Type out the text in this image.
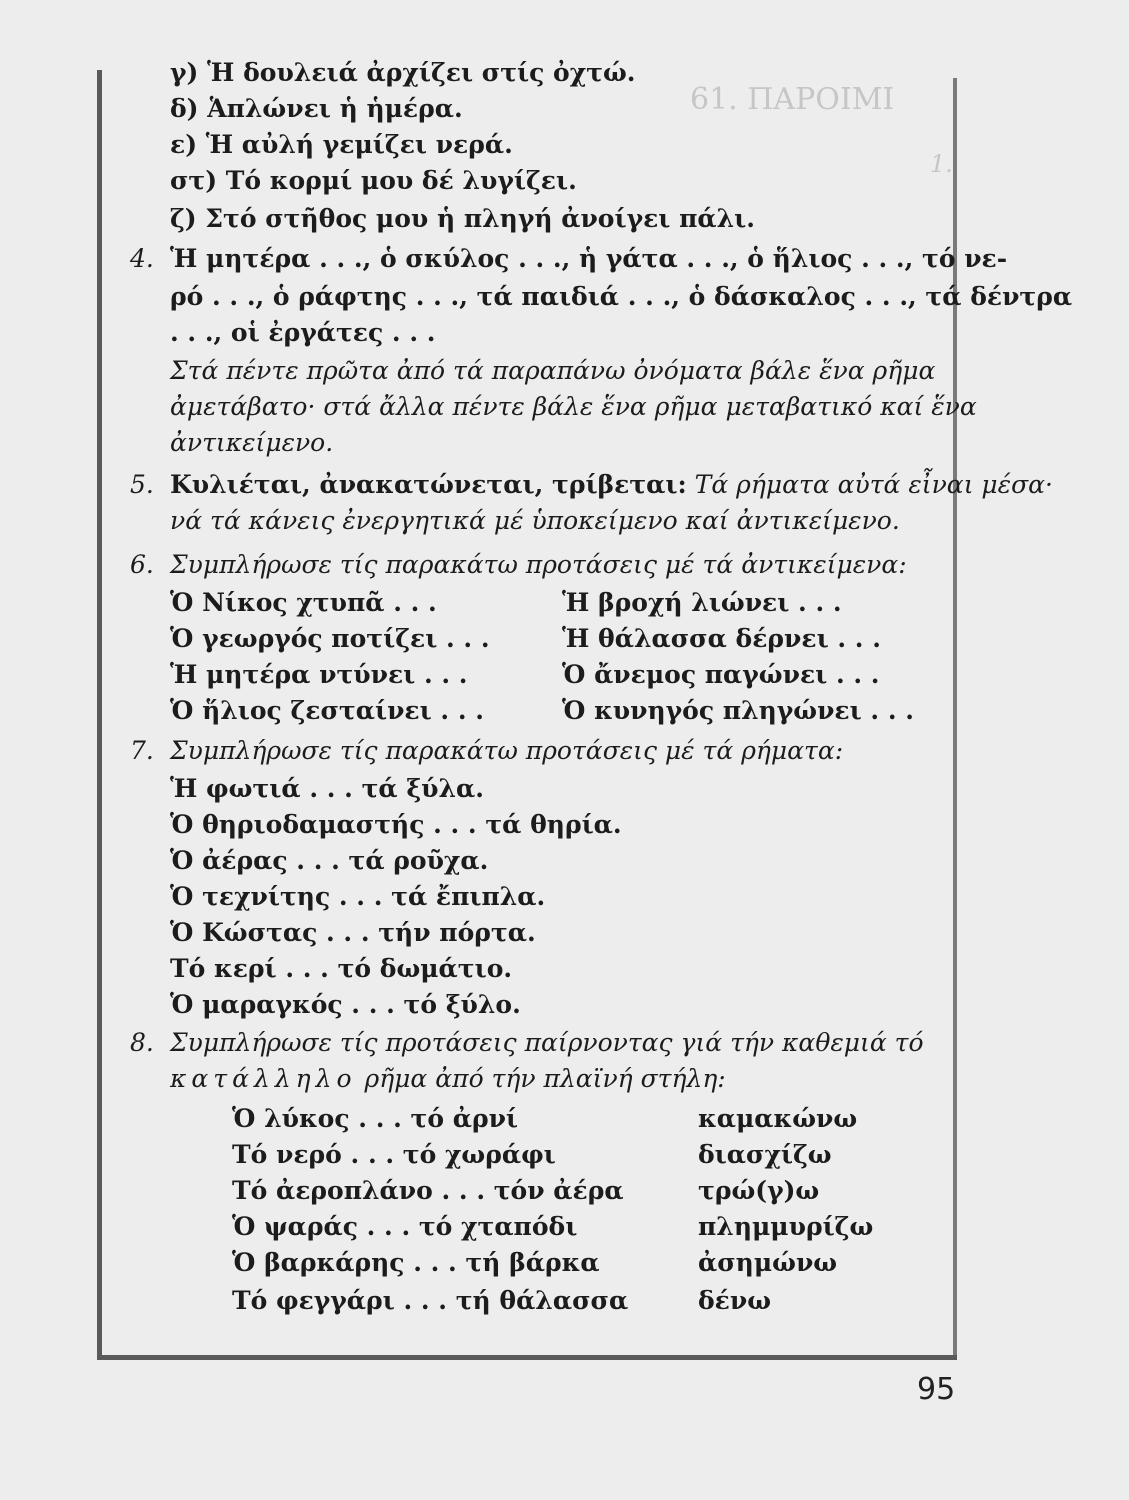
61. ΠΑΡΟΙΜΙ
1.
γ) Ἡ δουλειά ἀρχίζει στίς ὀχτώ.
δ) Ἁπλώνει ἡ ἡμέρα.
ε) Ἡ αὐλή γεμίζει νερά.
στ) Τό κορμί μου δέ λυγίζει.
ζ) Στό στῆθος μου ἡ πληγή ἀνοίγει πάλι.
4. Ἡ μητέρα . . ., ὁ σκύλος . . ., ἡ γάτα . . ., ὁ ἥλιος . . ., τό νε-
ρό . . ., ὁ ράφτης . . ., τά παιδιά . . ., ὁ δάσκαλος . . ., τά δέντρα
. . ., οἱ ἐργάτες . . .
Στά πέντε πρῶτα ἀπό τά παραπάνω ὀνόματα βάλε ἕνα ρῆμα
ἀμετάβατο· στά ἄλλα πέντε βάλε ἕνα ρῆμα μεταβατικό καί ἕνα
ἀντικείμενο.
5. Κυλιέται, ἀνακατώνεται, τρίβεται: Τά ρήματα αὐτά εἶναι μέσα·
νά τά κάνεις ἐνεργητικά μέ ὑποκείμενο καί ἀντικείμενο.
6. Συμπλήρωσε τίς παρακάτω προτάσεις μέ τά ἀντικείμενα:
Ὁ Νίκος χτυπᾶ . . .
Ὁ γεωργός ποτίζει . . .
Ἡ μητέρα ντύνει . . .
Ὁ ἥλιος ζεσταίνει . . .
Ἡ βροχή λιώνει . . .
Ἡ θάλασσα δέρνει . . .
Ὁ ἄνεμος παγώνει . . .
Ὁ κυνηγός πληγώνει . . .
7. Συμπλήρωσε τίς παρακάτω προτάσεις μέ τά ρήματα:
Ἡ φωτιά . . . τά ξύλα.
Ὁ θηριοδαμαστής . . . τά θηρία.
Ὁ ἀέρας . . . τά ροῦχα.
Ὁ τεχνίτης . . . τά ἔπιπλα.
Ὁ Κώστας . . . τήν πόρτα.
Τό κερί . . . τό δωμάτιο.
Ὁ μαραγκός . . . τό ξύλο.
8. Συμπλήρωσε τίς προτάσεις παίρνοντας γιά τήν καθεμιά τό
κατάλληλο ρῆμα ἀπό τήν πλαϊνή στήλη:
Ὁ λύκος . . . τό ἀρνί
Τό νερό . . . τό χωράφι
Τό ἀεροπλάνο . . . τόν ἀέρα
Ὁ ψαράς . . . τό χταπόδι
Ὁ βαρκάρης . . . τή βάρκα
Τό φεγγάρι . . . τή θάλασσα
καμακώνω
διασχίζω
τρώ(γ)ω
πλημμυρίζω
ἀσημώνω
δένω
95
